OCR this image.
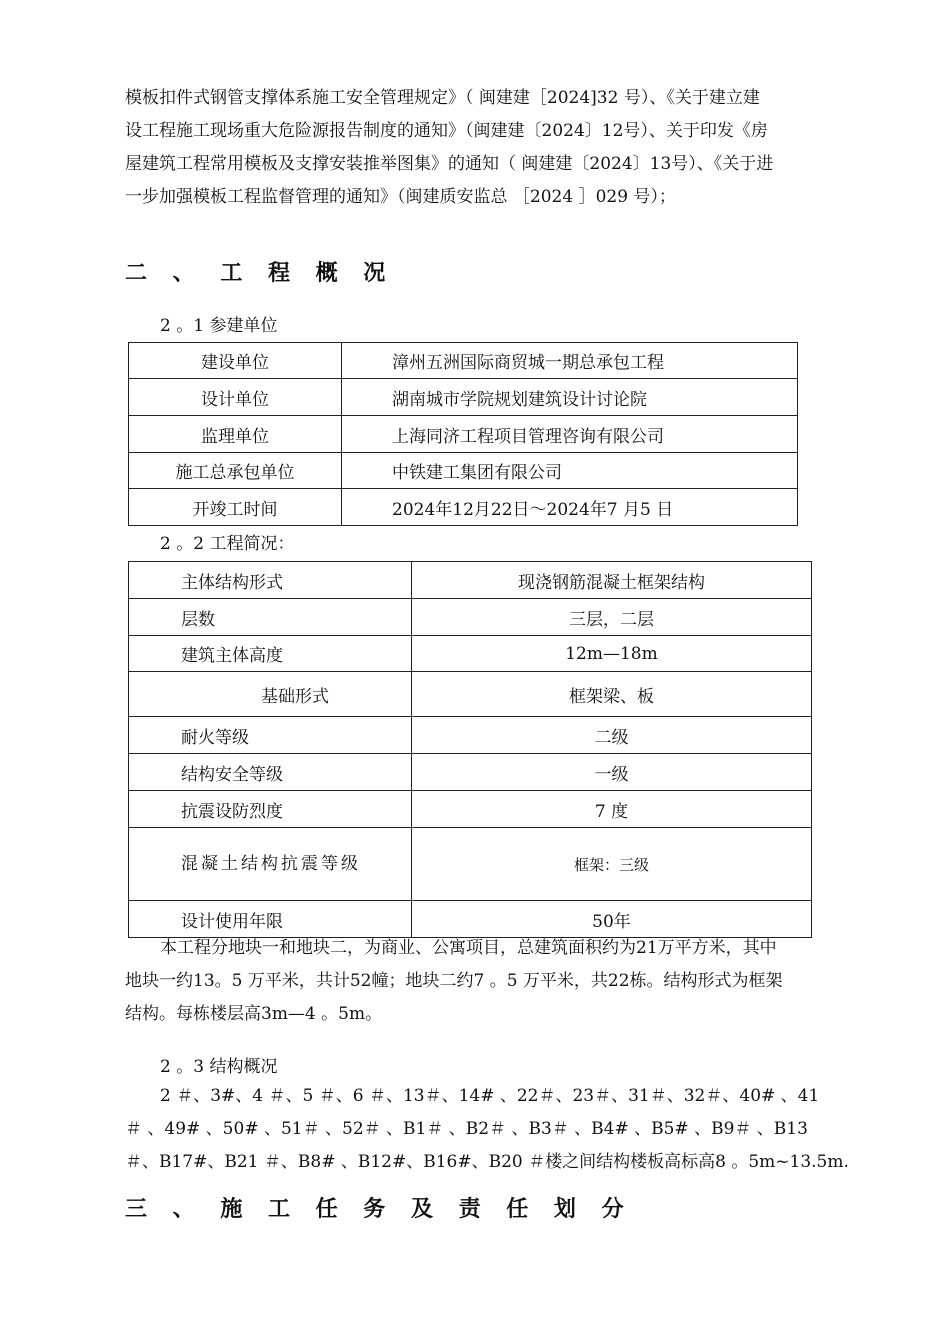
模板扣件式钢管支撑体系施工安全管理规定》（ 闽建建［2024]32 号）、《关于建立建
设工程施工现场重大危险源报告制度的通知》（闽建建〔2024〕12号）、关于印发《房
屋建筑工程常用模板及支撑安装推举图集》的通知（ 闽建建〔2024〕13号）、《关于进
一步加强模板工程监督管理的通知》（闽建质安监总 ［2024 ］029 号）；
二 、 工 程 概 况
2 。1 参建单位
建设单位	漳州五洲国际商贸城一期总承包工程
设计单位	湖南城市学院规划建筑设计讨论院
监理单位	上海同济工程项目管理咨询有限公司
施工总承包单位	中铁建工集团有限公司
开竣工时间	2024年12月22日～2024年7 月5 日
2 。2 工程简况：
主体结构形式	现浇钢筋混凝土框架结构
层数	三层，二层
建筑主体高度	12m—18m
基础形式	框架梁、板
耐火等级	二级
结构安全等级	一级
抗震设防烈度	7 度

混凝土结构抗震等级	框架：三级
设计使用年限	50年
本工程分地块一和地块二，为商业、公寓项目，总建筑面积约为21万平方米，其中
地块一约13。5 万平米，共计52幢；地块二约7 。5 万平米，共22栋。结构形式为框架
结构。每栋楼层高3m—4 。5m。
2 。3 结构概况
2 ＃、3#、4 ＃、5 ＃、6 ＃、13＃、14# 、22＃、23＃、31＃、32＃、40# 、41
＃ 、49# 、50# 、51＃ 、52＃ 、B1＃ 、B2＃ 、B3＃ 、B4# 、B5# 、B9＃ 、B13
＃、B17#、B21 ＃、B8# 、B12#、B16#、B20 ＃楼之间结构楼板高标高8 。5m~13.5m.
三 、 施 工 任 务 及 责 任 划 分
